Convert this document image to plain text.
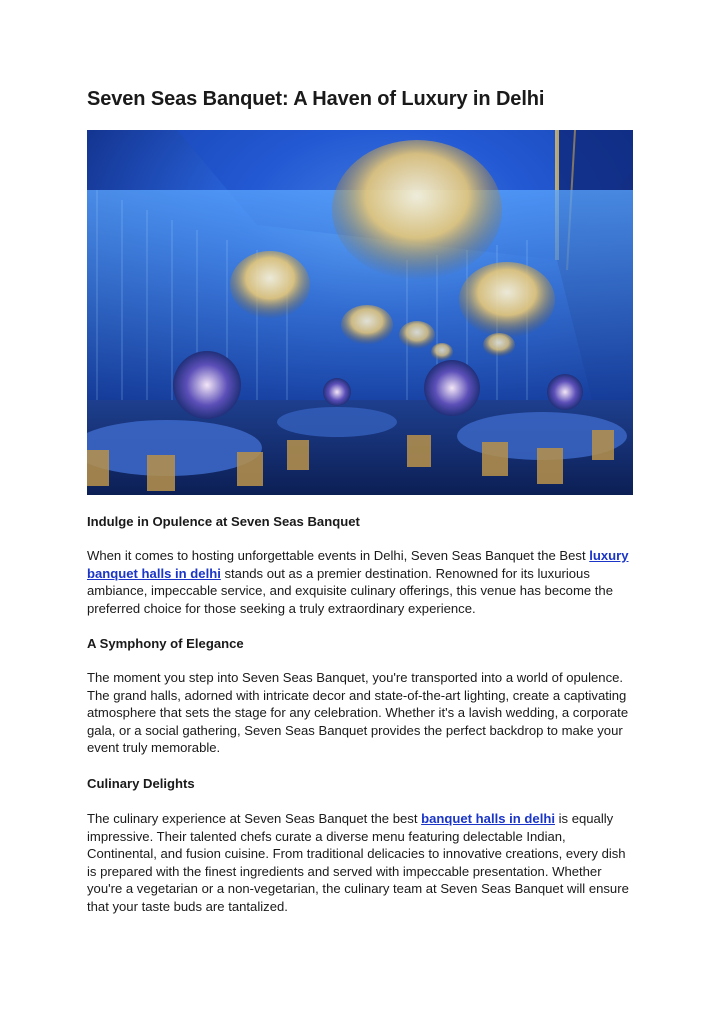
Seven Seas Banquet: A Haven of Luxury in Delhi
Indulge in Opulence at Seven Seas Banquet
When it comes to hosting unforgettable events in Delhi, Seven Seas Banquet the Best luxury banquet halls in delhi stands out as a premier destination. Renowned for its luxurious ambiance, impeccable service, and exquisite culinary offerings, this venue has become the preferred choice for those seeking a truly extraordinary experience.
A Symphony of Elegance
The moment you step into Seven Seas Banquet, you're transported into a world of opulence. The grand halls, adorned with intricate decor and state-of-the-art lighting, create a captivating atmosphere that sets the stage for any celebration. Whether it's a lavish wedding, a corporate gala, or a social gathering, Seven Seas Banquet provides the perfect backdrop to make your event truly memorable.
Culinary Delights
The culinary experience at Seven Seas Banquet the best banquet halls in delhi is equally impressive. Their talented chefs curate a diverse menu featuring delectable Indian, Continental, and fusion cuisine. From traditional delicacies to innovative creations, every dish is prepared with the finest ingredients and served with impeccable presentation. Whether you're a vegetarian or a non-vegetarian, the culinary team at Seven Seas Banquet will ensure that your taste buds are tantalized.
